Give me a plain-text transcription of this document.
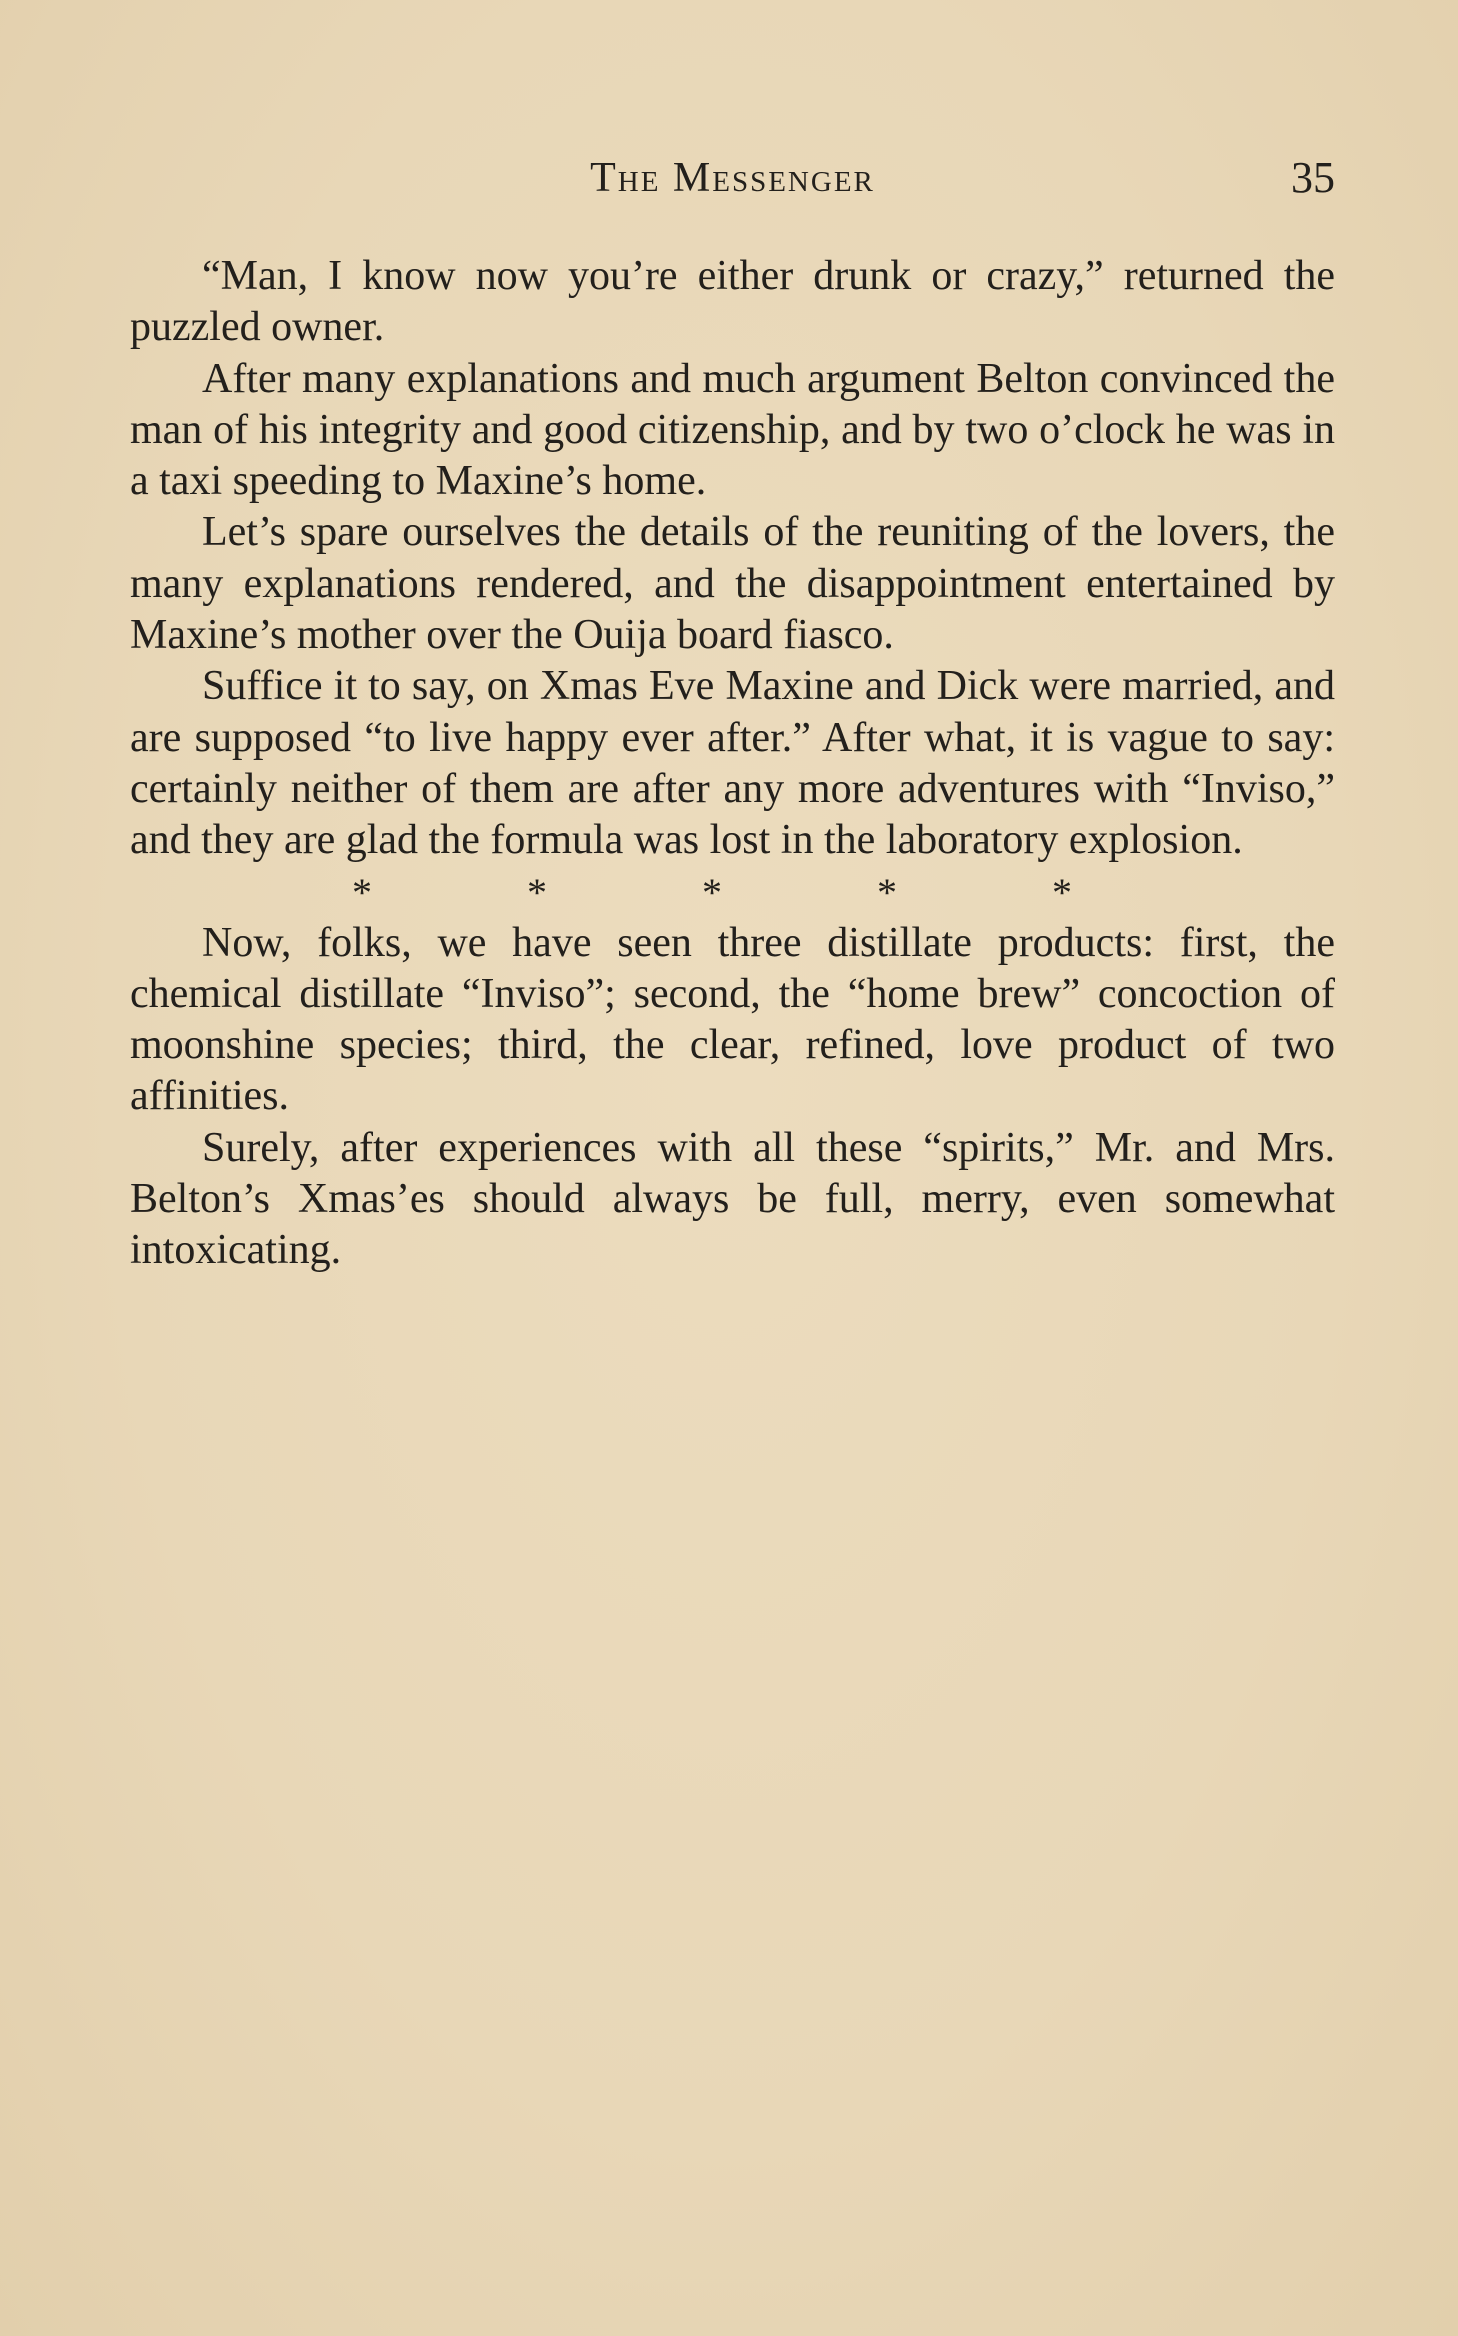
The Messenger	35

“Man, I know now you’re either drunk or crazy,” returned the puzzled owner.

After many explanations and much argument Belton convinced the man of his integrity and good citizenship, and by two o’clock he was in a taxi speeding to Maxine’s home.

Let’s spare ourselves the details of the reuniting of the lovers, the many explanations rendered, and the disappointment entertained by Maxine’s mother over the Ouija board fiasco.

Suffice it to say, on Xmas Eve Maxine and Dick were married, and are supposed “to live happy ever after.” After what, it is vague to say: certainly neither of them are after any more adventures with “Inviso,” and they are glad the formula was lost in the laboratory explosion.

*	*	*	*	*

Now, folks, we have seen three distillate products: first, the chemical distillate “Inviso”; second, the “home brew” concoction of moonshine species; third, the clear, refined, love product of two affinities.

Surely, after experiences with all these “spirits,” Mr. and Mrs. Belton’s Xmas’es should always be full, merry, even somewhat intoxicating.
